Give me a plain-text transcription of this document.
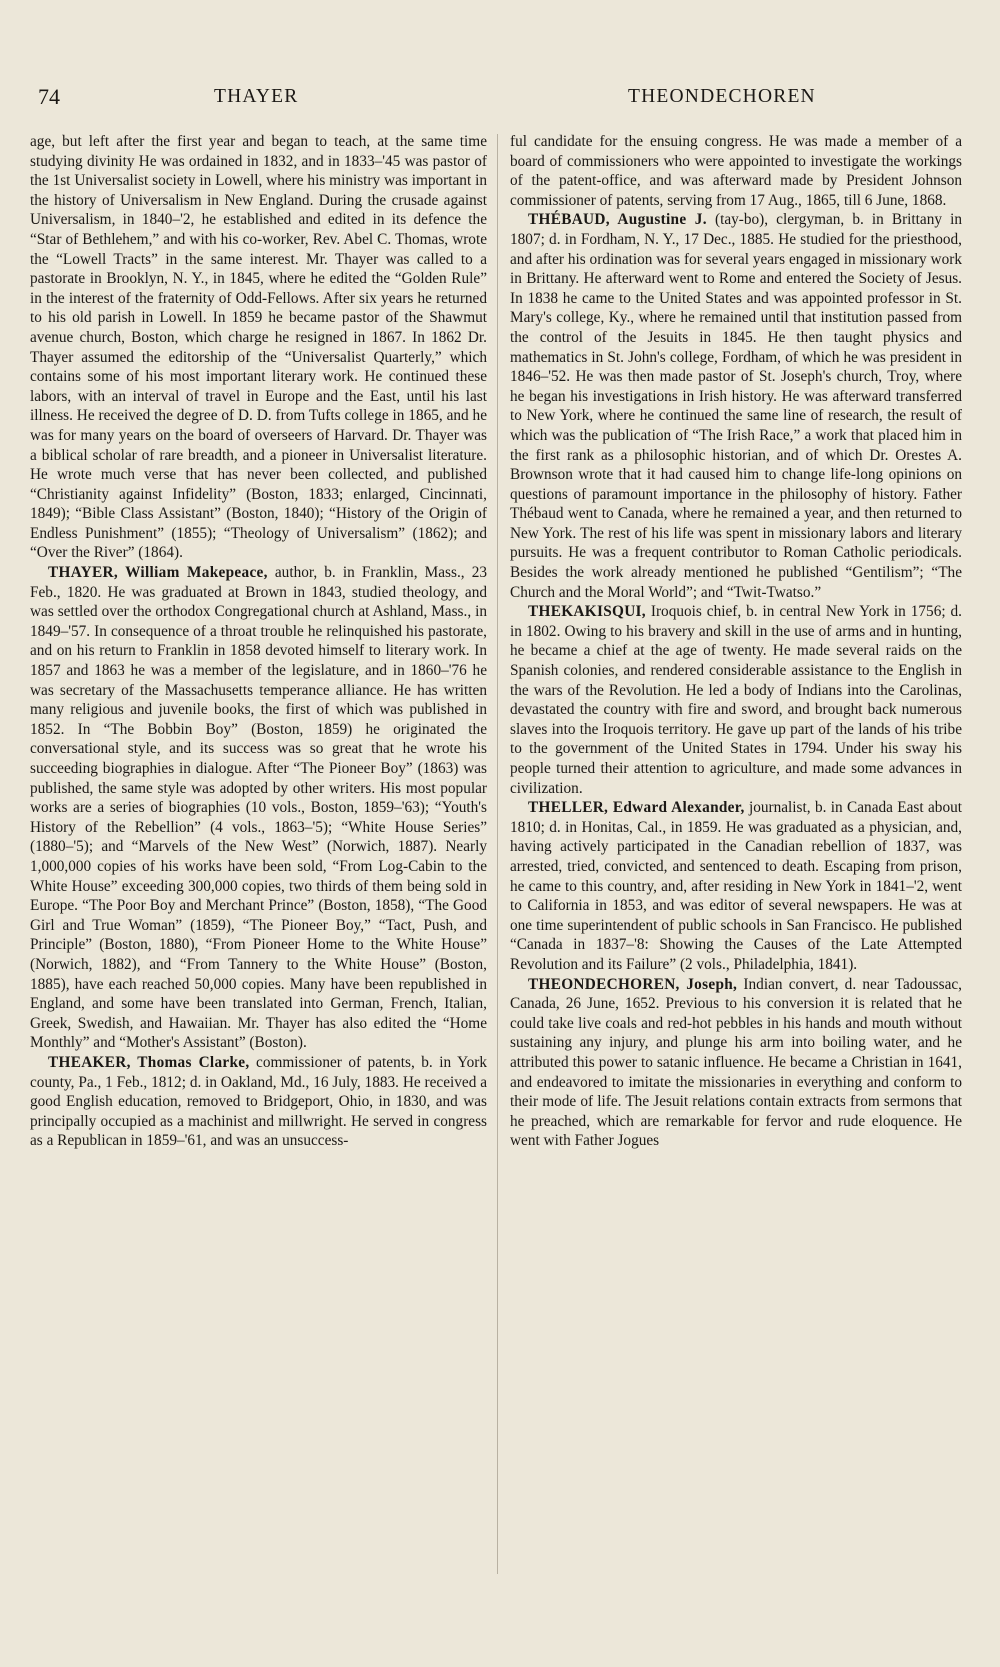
74	THAYER	THEONDECHOREN

age, but left after the first year and began to teach, at the same time studying divinity He was ordained in 1832, and in 1833–'45 was pastor of the 1st Universalist society in Lowell, where his ministry was important in the history of Universalism in New England. During the crusade against Universalism, in 1840–'2, he established and edited in its defence the “Star of Bethlehem,” and with his co-worker, Rev. Abel C. Thomas, wrote the “Lowell Tracts” in the same interest. Mr. Thayer was called to a pastorate in Brooklyn, N. Y., in 1845, where he edited the “Golden Rule” in the interest of the fraternity of Odd-Fellows. After six years he returned to his old parish in Lowell. In 1859 he became pastor of the Shawmut avenue church, Boston, which charge he resigned in 1867. In 1862 Dr. Thayer assumed the editorship of the “Universalist Quarterly,” which contains some of his most important literary work. He continued these labors, with an interval of travel in Europe and the East, until his last illness. He received the degree of D. D. from Tufts college in 1865, and he was for many years on the board of overseers of Harvard. Dr. Thayer was a biblical scholar of rare breadth, and a pioneer in Universalist literature. He wrote much verse that has never been collected, and published “Christianity against Infidelity” (Boston, 1833; enlarged, Cincinnati, 1849); “Bible Class Assistant” (Boston, 1840); “History of the Origin of Endless Punishment” (1855); “Theology of Universalism” (1862); and “Over the River” (1864).

THAYER, William Makepeace, author, b. in Franklin, Mass., 23 Feb., 1820. He was graduated at Brown in 1843, studied theology, and was settled over the orthodox Congregational church at Ashland, Mass., in 1849–'57. In consequence of a throat trouble he relinquished his pastorate, and on his return to Franklin in 1858 devoted himself to literary work. In 1857 and 1863 he was a member of the legislature, and in 1860–'76 he was secretary of the Massachusetts temperance alliance. He has written many religious and juvenile books, the first of which was published in 1852. In “The Bobbin Boy” (Boston, 1859) he originated the conversational style, and its success was so great that he wrote his succeeding biographies in dialogue. After “The Pioneer Boy” (1863) was published, the same style was adopted by other writers. His most popular works are a series of biographies (10 vols., Boston, 1859–'63); “Youth's History of the Rebellion” (4 vols., 1863–'5); “White House Series” (1880–'5); and “Marvels of the New West” (Norwich, 1887). Nearly 1,000,000 copies of his works have been sold, “From Log-Cabin to the White House” exceeding 300,000 copies, two thirds of them being sold in Europe. “The Poor Boy and Merchant Prince” (Boston, 1858), “The Good Girl and True Woman” (1859), “The Pioneer Boy,” “Tact, Push, and Principle” (Boston, 1880), “From Pioneer Home to the White House” (Norwich, 1882), and “From Tannery to the White House” (Boston, 1885), have each reached 50,000 copies. Many have been republished in England, and some have been translated into German, French, Italian, Greek, Swedish, and Hawaiian. Mr. Thayer has also edited the “Home Monthly” and “Mother's Assistant” (Boston).

THEAKER, Thomas Clarke, commissioner of patents, b. in York county, Pa., 1 Feb., 1812; d. in Oakland, Md., 16 July, 1883. He received a good English education, removed to Bridgeport, Ohio, in 1830, and was principally occupied as a machinist and millwright. He served in congress as a Republican in 1859–'61, and was an unsuccess-

ful candidate for the ensuing congress. He was made a member of a board of commissioners who were appointed to investigate the workings of the patent-office, and was afterward made by President Johnson commissioner of patents, serving from 17 Aug., 1865, till 6 June, 1868.

THÉBAUD, Augustine J. (tay-bo), clergyman, b. in Brittany in 1807; d. in Fordham, N. Y., 17 Dec., 1885. He studied for the priesthood, and after his ordination was for several years engaged in missionary work in Brittany. He afterward went to Rome and entered the Society of Jesus. In 1838 he came to the United States and was appointed professor in St. Mary's college, Ky., where he remained until that institution passed from the control of the Jesuits in 1845. He then taught physics and mathematics in St. John's college, Fordham, of which he was president in 1846–'52. He was then made pastor of St. Joseph's church, Troy, where he began his investigations in Irish history. He was afterward transferred to New York, where he continued the same line of research, the result of which was the publication of “The Irish Race,” a work that placed him in the first rank as a philosophic historian, and of which Dr. Orestes A. Brownson wrote that it had caused him to change life-long opinions on questions of paramount importance in the philosophy of history. Father Thébaud went to Canada, where he remained a year, and then returned to New York. The rest of his life was spent in missionary labors and literary pursuits. He was a frequent contributor to Roman Catholic periodicals. Besides the work already mentioned he published “Gentilism”; “The Church and the Moral World”; and “Twit-Twatso.”

THEKAKISQUI, Iroquois chief, b. in central New York in 1756; d. in 1802. Owing to his bravery and skill in the use of arms and in hunting, he became a chief at the age of twenty. He made several raids on the Spanish colonies, and rendered considerable assistance to the English in the wars of the Revolution. He led a body of Indians into the Carolinas, devastated the country with fire and sword, and brought back numerous slaves into the Iroquois territory. He gave up part of the lands of his tribe to the government of the United States in 1794. Under his sway his people turned their attention to agriculture, and made some advances in civilization.

THELLER, Edward Alexander, journalist, b. in Canada East about 1810; d. in Honitas, Cal., in 1859. He was graduated as a physician, and, having actively participated in the Canadian rebellion of 1837, was arrested, tried, convicted, and sentenced to death. Escaping from prison, he came to this country, and, after residing in New York in 1841–'2, went to California in 1853, and was editor of several newspapers. He was at one time superintendent of public schools in San Francisco. He published “Canada in 1837–'8: Showing the Causes of the Late Attempted Revolution and its Failure” (2 vols., Philadelphia, 1841).

THEONDECHOREN, Joseph, Indian convert, d. near Tadoussac, Canada, 26 June, 1652. Previous to his conversion it is related that he could take live coals and red-hot pebbles in his hands and mouth without sustaining any injury, and plunge his arm into boiling water, and he attributed this power to satanic influence. He became a Christian in 1641, and endeavored to imitate the missionaries in everything and conform to their mode of life. The Jesuit relations contain extracts from sermons that he preached, which are remarkable for fervor and rude eloquence. He went with Father Jogues
